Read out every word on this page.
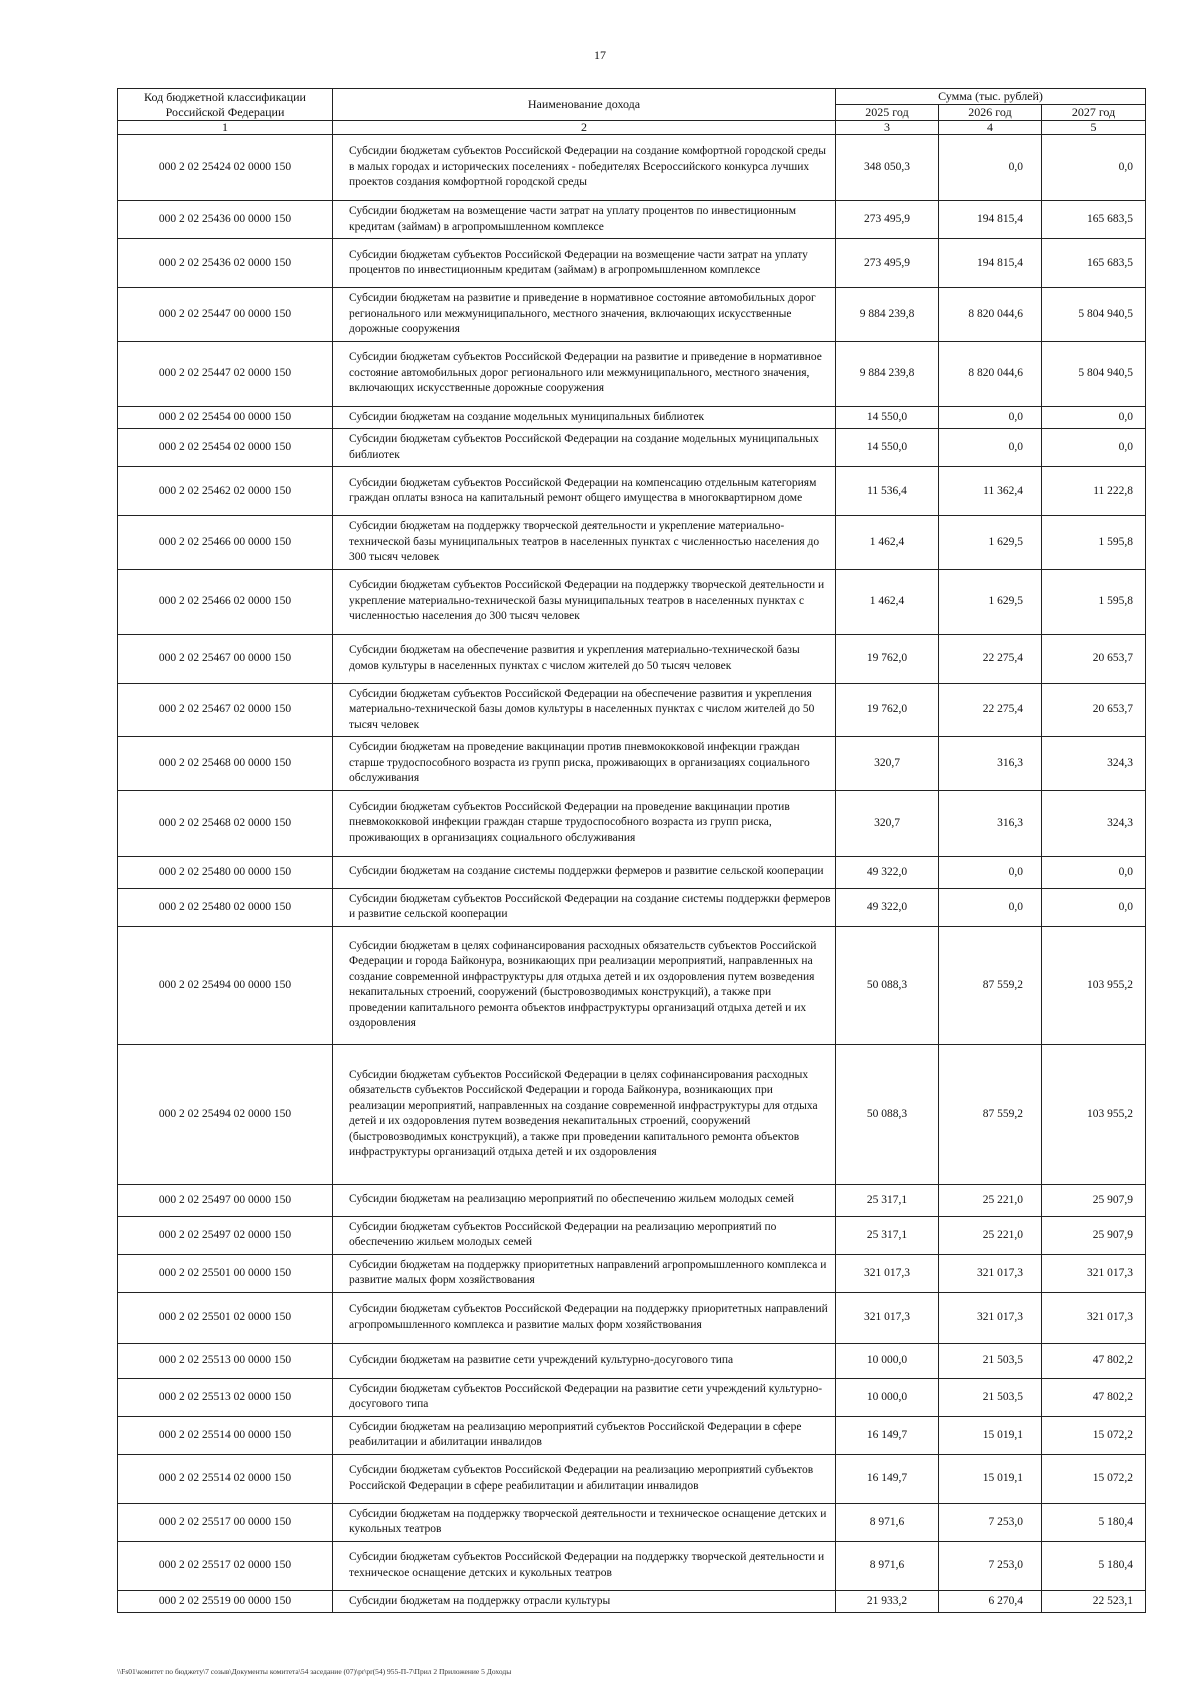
17
Код бюджетной классификации Российской Федерации	Наименование дохода	Сумма (тыс. рублей)		
		2025 год	2026 год	2027 год
1	2	3	4	5
000 2 02 25424 02 0000 150	Субсидии бюджетам субъектов Российской Федерации на создание комфортной городской среды в малых городах и исторических поселениях - победителях Всероссийского конкурса лучших проектов создания комфортной городской среды	348 050,3	0,0	0,0
000 2 02 25436 00 0000 150	Субсидии бюджетам на возмещение части затрат на уплату процентов по инвестиционным кредитам (займам) в агропромышленном комплексе	273 495,9	194 815,4	165 683,5
000 2 02 25436 02 0000 150	Субсидии бюджетам субъектов Российской Федерации на возмещение части затрат на уплату процентов по инвестиционным кредитам (займам) в агропромышленном комплексе	273 495,9	194 815,4	165 683,5
000 2 02 25447 00 0000 150	Субсидии бюджетам на развитие и приведение в нормативное состояние автомобильных дорог регионального или межмуниципального, местного значения, включающих искусственные дорожные сооружения	9 884 239,8	8 820 044,6	5 804 940,5
000 2 02 25447 02 0000 150	Субсидии бюджетам субъектов Российской Федерации на развитие и приведение в нормативное состояние автомобильных дорог регионального или межмуниципального, местного значения, включающих искусственные дорожные сооружения	9 884 239,8	8 820 044,6	5 804 940,5
000 2 02 25454 00 0000 150	Субсидии бюджетам на создание модельных муниципальных библиотек	14 550,0	0,0	0,0
000 2 02 25454 02 0000 150	Субсидии бюджетам субъектов Российской Федерации на создание модельных муниципальных библиотек	14 550,0	0,0	0,0
000 2 02 25462 02 0000 150	Субсидии бюджетам субъектов Российской Федерации на компенсацию отдельным категориям граждан оплаты взноса на капитальный ремонт общего имущества в многоквартирном доме	11 536,4	11 362,4	11 222,8
000 2 02 25466 00 0000 150	Субсидии бюджетам на поддержку творческой деятельности и укрепление материально-технической базы муниципальных театров в населенных пунктах с численностью населения до 300 тысяч человек	1 462,4	1 629,5	1 595,8
000 2 02 25466 02 0000 150	Субсидии бюджетам субъектов Российской Федерации на поддержку творческой деятельности и укрепление материально-технической базы муниципальных театров в населенных пунктах с численностью населения до 300 тысяч человек	1 462,4	1 629,5	1 595,8
000 2 02 25467 00 0000 150	Субсидии бюджетам на обеспечение развития и укрепления материально-технической базы домов культуры в населенных пунктах с числом жителей до 50 тысяч человек	19 762,0	22 275,4	20 653,7
000 2 02 25467 02 0000 150	Субсидии бюджетам субъектов Российской Федерации на обеспечение развития и укрепления материально-технической базы домов культуры в населенных пунктах с числом жителей до 50 тысяч человек	19 762,0	22 275,4	20 653,7
000 2 02 25468 00 0000 150	Субсидии бюджетам на проведение вакцинации против пневмококковой инфекции граждан старше трудоспособного возраста из групп риска, проживающих в организациях социального обслуживания	320,7	316,3	324,3
000 2 02 25468 02 0000 150	Субсидии бюджетам субъектов Российской Федерации на проведение вакцинации против пневмококковой инфекции граждан старше трудоспособного возраста из групп риска, проживающих в организациях социального обслуживания	320,7	316,3	324,3
000 2 02 25480 00 0000 150	Субсидии бюджетам на создание системы поддержки фермеров и развитие сельской кооперации	49 322,0	0,0	0,0
000 2 02 25480 02 0000 150	Субсидии бюджетам субъектов Российской Федерации на создание системы поддержки фермеров и развитие сельской кооперации	49 322,0	0,0	0,0
000 2 02 25494 00 0000 150	Субсидии бюджетам в целях софинансирования расходных обязательств субъектов Российской Федерации и города Байконура, возникающих при реализации мероприятий, направленных на создание современной инфраструктуры для отдыха детей и их оздоровления путем возведения некапитальных строений, сооружений (быстровозводимых конструкций), а также при проведении капитального ремонта объектов инфраструктуры организаций отдыха детей и их оздоровления	50 088,3	87 559,2	103 955,2
000 2 02 25494 02 0000 150	Субсидии бюджетам субъектов Российской Федерации в целях софинансирования расходных обязательств субъектов Российской Федерации и города Байконура, возникающих при реализации мероприятий, направленных на создание современной инфраструктуры для отдыха детей и их оздоровления путем возведения некапитальных строений, сооружений (быстровозводимых конструкций), а также при проведении капитального ремонта объектов инфраструктуры организаций отдыха детей и их оздоровления	50 088,3	87 559,2	103 955,2
000 2 02 25497 00 0000 150	Субсидии бюджетам на реализацию мероприятий по обеспечению жильем молодых семей	25 317,1	25 221,0	25 907,9
000 2 02 25497 02 0000 150	Субсидии бюджетам субъектов Российской Федерации на реализацию мероприятий по обеспечению жильем молодых семей	25 317,1	25 221,0	25 907,9
000 2 02 25501 00 0000 150	Субсидии бюджетам на поддержку приоритетных направлений агропромышленного комплекса и развитие малых форм хозяйствования	321 017,3	321 017,3	321 017,3
000 2 02 25501 02 0000 150	Субсидии бюджетам субъектов Российской Федерации на поддержку приоритетных направлений агропромышленного комплекса и развитие малых форм хозяйствования	321 017,3	321 017,3	321 017,3
000 2 02 25513 00 0000 150	Субсидии бюджетам на развитие сети учреждений культурно-досугового типа	10 000,0	21 503,5	47 802,2
000 2 02 25513 02 0000 150	Субсидии бюджетам субъектов Российской Федерации на развитие сети учреждений культурно-досугового типа	10 000,0	21 503,5	47 802,2
000 2 02 25514 00 0000 150	Субсидии бюджетам на реализацию мероприятий субъектов Российской Федерации в сфере реабилитации и абилитации инвалидов	16 149,7	15 019,1	15 072,2
000 2 02 25514 02 0000 150	Субсидии бюджетам субъектов Российской Федерации на реализацию мероприятий субъектов Российской Федерации в сфере реабилитации и абилитации инвалидов	16 149,7	15 019,1	15 072,2
000 2 02 25517 00 0000 150	Субсидии бюджетам на поддержку творческой деятельности и техническое оснащение детских и кукольных театров	8 971,6	7 253,0	5 180,4
000 2 02 25517 02 0000 150	Субсидии бюджетам субъектов Российской Федерации на поддержку творческой деятельности и техническое оснащение детских и кукольных театров	8 971,6	7 253,0	5 180,4
000 2 02 25519 00 0000 150	Субсидии бюджетам на поддержку отрасли культуры	21 933,2	6 270,4	22 523,1
\\Fs01\комитет по бюджету\7 созыв\Документы комитета\54 заседание (07)\pr\pr(54) 955-П-7\Прил 2 Приложение 5 Доходы
